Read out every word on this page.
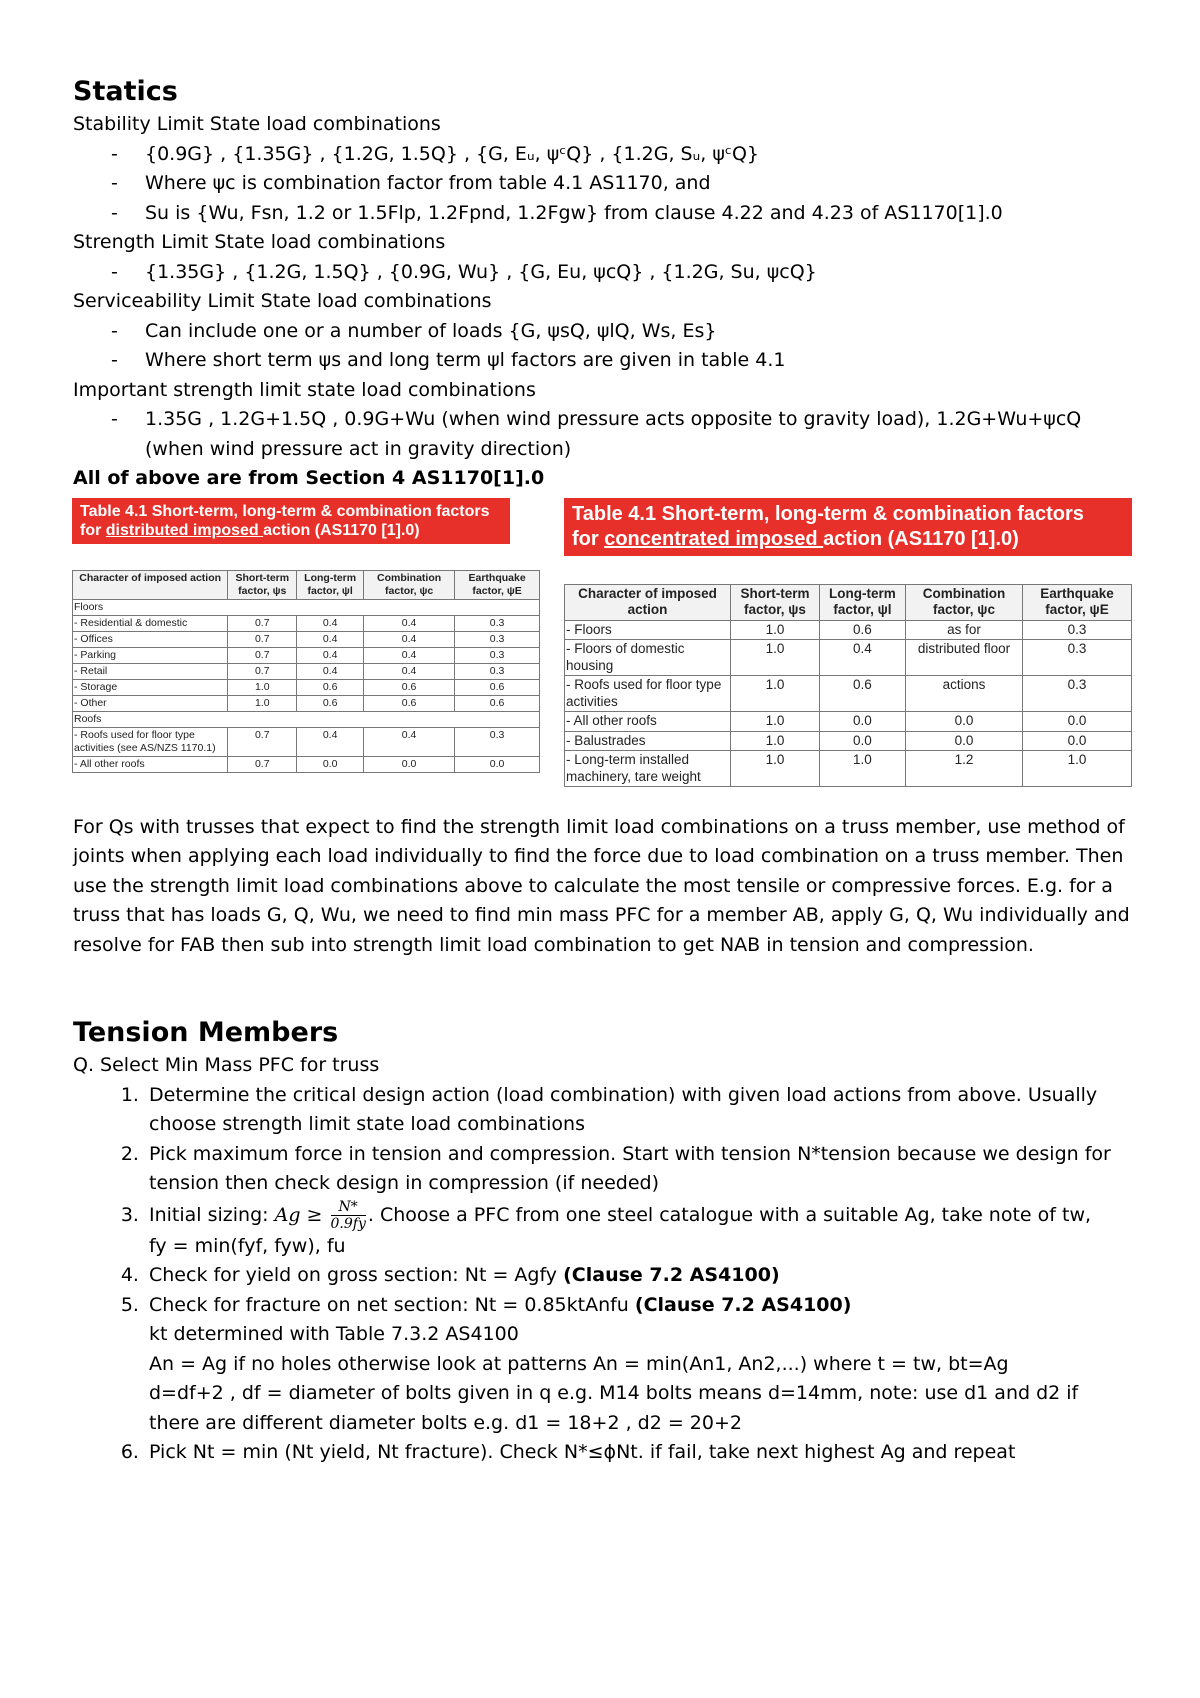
Statics

Stability Limit State load combinations

- {0.9G} , {1.35G} , {1.2G, 1.5Q} , {G, Eᵤ, ψᶜQ} , {1.2G, Sᵤ, ψᶜQ}
- Where ψc is combination factor from table 4.1 AS1170, and
- Su is {Wu, Fsn, 1.2 or 1.5Flp, 1.2Fpnd, 1.2Fgw} from clause 4.22 and 4.23 of AS1170[1].0

Strength Limit State load combinations

- {1.35G} , {1.2G, 1.5Q} , {0.9G, Wu} , {G, Eu, ψcQ} , {1.2G, Su, ψcQ}

Serviceability Limit State load combinations

- Can include one or a number of loads {G, ψsQ, ψlQ, Ws, Es}
- Where short term ψs and long term ψl factors are given in table 4.1

Important strength limit state load combinations

- 1.35G , 1.2G+1.5Q , 0.9G+Wu (when wind pressure acts opposite to gravity load), 1.2G+Wu+ψcQ
(when wind pressure act in gravity direction)

All of above are from Section 4 AS1170[1].0

Table 4.1 Short-term, long-term & combination factors
for distributed imposed action (AS1170 [1].0)
Character of imposed action	Short-term factor, ψs	Long-term factor, ψl	Combination factor, ψc	Earthquake factor, ψE
Floors				
- Residential & domestic	0.7	0.4	0.4	0.3
- Offices	0.7	0.4	0.4	0.3
- Parking	0.7	0.4	0.4	0.3
- Retail	0.7	0.4	0.4	0.3
- Storage	1.0	0.6	0.6	0.6
- Other	1.0	0.6	0.6	0.6
Roofs				
- Roofs used for floor type activities (see AS/NZS 1170.1)	0.7	0.4	0.4	0.3
- All other roofs	0.7	0.0	0.0	0.0
Table 4.1 Short-term, long-term & combination factors
for concentrated imposed action (AS1170 [1].0)
Character of imposed action	Short-term factor, ψs	Long-term factor, ψl	Combination factor, ψc	Earthquake factor, ψE
- Floors	1.0	0.6	as for	0.3
- Floors of domestic housing	1.0	0.4	distributed floor	0.3
- Roofs used for floor type activities	1.0	0.6	actions	0.3
- All other roofs	1.0	0.0	0.0	0.0
- Balustrades	1.0	0.0	0.0	0.0
- Long-term installed machinery, tare weight	1.0	1.0	1.2	1.0

For Qs with trusses that expect to find the strength limit load combinations on a truss member, use method of joints when applying each load individually to find the force due to load combination on a truss member. Then use the strength limit load combinations above to calculate the most tensile or compressive forces. E.g. for a truss that has loads G, Q, Wu, we need to find min mass PFC for a member AB, apply G, Q, Wu individually and resolve for FAB then sub into strength limit load combination to get NAB in tension and compression.

Tension Members

Q. Select Min Mass PFC for truss

1. Determine the critical design action (load combination) with given load actions from above. Usually choose strength limit state load combinations
2. Pick maximum force in tension and compression. Start with tension N*tension because we design for tension then check design in compression (if needed)
3. Initial sizing: $Ag \ge \frac{N*}{0.9fy}$ . Choose a PFC from one steel catalogue with a suitable Ag, take note of tw,
fy = min(fyf, fyw), fu
4. Check for yield on gross section: Nt = Agfy (Clause 7.2 AS4100)
5. Check for fracture on net section: Nt = 0.85ktAnfu (Clause 7.2 AS4100)
kt determined with Table 7.3.2 AS4100
An = Ag if no holes otherwise look at patterns An = min(An1, An2,...) where t = tw, bt=Ag
d=df+2 , df = diameter of bolts given in q e.g. M14 bolts means d=14mm, note: use d1 and d2 if there are different diameter bolts e.g. d1 = 18+2 , d2 = 20+2
6. Pick Nt = min (Nt yield, Nt fracture). Check N*≤ϕNt. if fail, take next highest Ag and repeat
